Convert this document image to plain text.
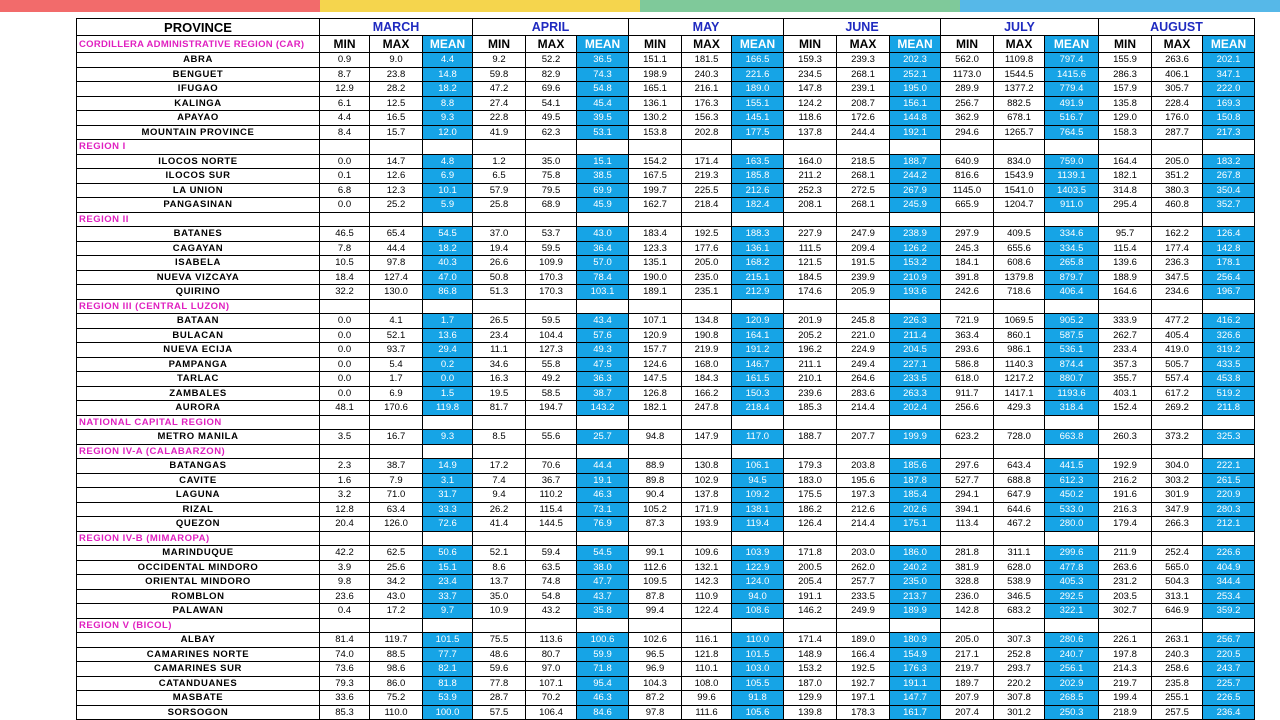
PROVINCE	MARCH			APRIL			MAY			JUNE			JULY			AUGUST		
CORDILLERA ADMINISTRATIVE REGION (CAR)	MIN	MAX	MEAN	MIN	MAX	MEAN	MIN	MAX	MEAN	MIN	MAX	MEAN	MIN	MAX	MEAN	MIN	MAX	MEAN
ABRA	0.9	9.0	4.4	9.2	52.2	36.5	151.1	181.5	166.5	159.3	239.3	202.3	562.0	1109.8	797.4	155.9	263.6	202.1
BENGUET	8.7	23.8	14.8	59.8	82.9	74.3	198.9	240.3	221.6	234.5	268.1	252.1	1173.0	1544.5	1415.6	286.3	406.1	347.1
IFUGAO	12.9	28.2	18.2	47.2	69.6	54.8	165.1	216.1	189.0	147.8	239.1	195.0	289.9	1377.2	779.4	157.9	305.7	222.0
KALINGA	6.1	12.5	8.8	27.4	54.1	45.4	136.1	176.3	155.1	124.2	208.7	156.1	256.7	882.5	491.9	135.8	228.4	169.3
APAYAO	4.4	16.5	9.3	22.8	49.5	39.5	130.2	156.3	145.1	118.6	172.6	144.8	362.9	678.1	516.7	129.0	176.0	150.8
MOUNTAIN PROVINCE	8.4	15.7	12.0	41.9	62.3	53.1	153.8	202.8	177.5	137.8	244.4	192.1	294.6	1265.7	764.5	158.3	287.7	217.3
REGION I																		
ILOCOS NORTE	0.0	14.7	4.8	1.2	35.0	15.1	154.2	171.4	163.5	164.0	218.5	188.7	640.9	834.0	759.0	164.4	205.0	183.2
ILOCOS SUR	0.1	12.6	6.9	6.5	75.8	38.5	167.5	219.3	185.8	211.2	268.1	244.2	816.6	1543.9	1139.1	182.1	351.2	267.8
LA UNION	6.8	12.3	10.1	57.9	79.5	69.9	199.7	225.5	212.6	252.3	272.5	267.9	1145.0	1541.0	1403.5	314.8	380.3	350.4
PANGASINAN	0.0	25.2	5.9	25.8	68.9	45.9	162.7	218.4	182.4	208.1	268.1	245.9	665.9	1204.7	911.0	295.4	460.8	352.7
REGION II																		
BATANES	46.5	65.4	54.5	37.0	53.7	43.0	183.4	192.5	188.3	227.9	247.9	238.9	297.9	409.5	334.6	95.7	162.2	126.4
CAGAYAN	7.8	44.4	18.2	19.4	59.5	36.4	123.3	177.6	136.1	111.5	209.4	126.2	245.3	655.6	334.5	115.4	177.4	142.8
ISABELA	10.5	97.8	40.3	26.6	109.9	57.0	135.1	205.0	168.2	121.5	191.5	153.2	184.1	608.6	265.8	139.6	236.3	178.1
NUEVA VIZCAYA	18.4	127.4	47.0	50.8	170.3	78.4	190.0	235.0	215.1	184.5	239.9	210.9	391.8	1379.8	879.7	188.9	347.5	256.4
QUIRINO	32.2	130.0	86.8	51.3	170.3	103.1	189.1	235.1	212.9	174.6	205.9	193.6	242.6	718.6	406.4	164.6	234.6	196.7
REGION III (CENTRAL LUZON)																		
BATAAN	0.0	4.1	1.7	26.5	59.5	43.4	107.1	134.8	120.9	201.9	245.8	226.3	721.9	1069.5	905.2	333.9	477.2	416.2
BULACAN	0.0	52.1	13.6	23.4	104.4	57.6	120.9	190.8	164.1	205.2	221.0	211.4	363.4	860.1	587.5	262.7	405.4	326.6
NUEVA ECIJA	0.0	93.7	29.4	11.1	127.3	49.3	157.7	219.9	191.2	196.2	224.9	204.5	293.6	986.1	536.1	233.4	419.0	319.2
PAMPANGA	0.0	5.4	0.2	34.6	55.8	47.5	124.6	168.0	146.7	211.1	249.4	227.1	586.8	1140.3	874.4	357.3	505.7	433.5
TARLAC	0.0	1.7	0.0	16.3	49.2	36.3	147.5	184.3	161.5	210.1	264.6	233.5	618.0	1217.2	880.7	355.7	557.4	453.8
ZAMBALES	0.0	6.9	1.5	19.5	58.5	38.7	126.8	166.2	150.3	239.6	283.6	263.3	911.7	1417.1	1193.6	403.1	617.2	519.2
AURORA	48.1	170.6	119.8	81.7	194.7	143.2	182.1	247.8	218.4	185.3	214.4	202.4	256.6	429.3	318.4	152.4	269.2	211.8
NATIONAL CAPITAL REGION																		
METRO MANILA	3.5	16.7	9.3	8.5	55.6	25.7	94.8	147.9	117.0	188.7	207.7	199.9	623.2	728.0	663.8	260.3	373.2	325.3
REGION IV-A (CALABARZON)																		
BATANGAS	2.3	38.7	14.9	17.2	70.6	44.4	88.9	130.8	106.1	179.3	203.8	185.6	297.6	643.4	441.5	192.9	304.0	222.1
CAVITE	1.6	7.9	3.1	7.4	36.7	19.1	89.8	102.9	94.5	183.0	195.6	187.8	527.7	688.8	612.3	216.2	303.2	261.5
LAGUNA	3.2	71.0	31.7	9.4	110.2	46.3	90.4	137.8	109.2	175.5	197.3	185.4	294.1	647.9	450.2	191.6	301.9	220.9
RIZAL	12.8	63.4	33.3	26.2	115.4	73.1	105.2	171.9	138.1	186.2	212.6	202.6	394.1	644.6	533.0	216.3	347.9	280.3
QUEZON	20.4	126.0	72.6	41.4	144.5	76.9	87.3	193.9	119.4	126.4	214.4	175.1	113.4	467.2	280.0	179.4	266.3	212.1
REGION IV-B (MIMAROPA)																		
MARINDUQUE	42.2	62.5	50.6	52.1	59.4	54.5	99.1	109.6	103.9	171.8	203.0	186.0	281.8	311.1	299.6	211.9	252.4	226.6
OCCIDENTAL MINDORO	3.9	25.6	15.1	8.6	63.5	38.0	112.6	132.1	122.9	200.5	262.0	240.2	381.9	628.0	477.8	263.6	565.0	404.9
ORIENTAL MINDORO	9.8	34.2	23.4	13.7	74.8	47.7	109.5	142.3	124.0	205.4	257.7	235.0	328.8	538.9	405.3	231.2	504.3	344.4
ROMBLON	23.6	43.0	33.7	35.0	54.8	43.7	87.8	110.9	94.0	191.1	233.5	213.7	236.0	346.5	292.5	203.5	313.1	253.4
PALAWAN	0.4	17.2	9.7	10.9	43.2	35.8	99.4	122.4	108.6	146.2	249.9	189.9	142.8	683.2	322.1	302.7	646.9	359.2
REGION V (BICOL)																		
ALBAY	81.4	119.7	101.5	75.5	113.6	100.6	102.6	116.1	110.0	171.4	189.0	180.9	205.0	307.3	280.6	226.1	263.1	256.7
CAMARINES NORTE	74.0	88.5	77.7	48.6	80.7	59.9	96.5	121.8	101.5	148.9	166.4	154.9	217.1	252.8	240.7	197.8	240.3	220.5
CAMARINES SUR	73.6	98.6	82.1	59.6	97.0	71.8	96.9	110.1	103.0	153.2	192.5	176.3	219.7	293.7	256.1	214.3	258.6	243.7
CATANDUANES	79.3	86.0	81.8	77.8	107.1	95.4	104.3	108.0	105.5	187.0	192.7	191.1	189.7	220.2	202.9	219.7	235.8	225.7
MASBATE	33.6	75.2	53.9	28.7	70.2	46.3	87.2	99.6	91.8	129.9	197.1	147.7	207.9	307.8	268.5	199.4	255.1	226.5
SORSOGON	85.3	110.0	100.0	57.5	106.4	84.6	97.8	111.6	105.6	139.8	178.3	161.7	207.4	301.2	250.3	218.9	257.5	236.4
